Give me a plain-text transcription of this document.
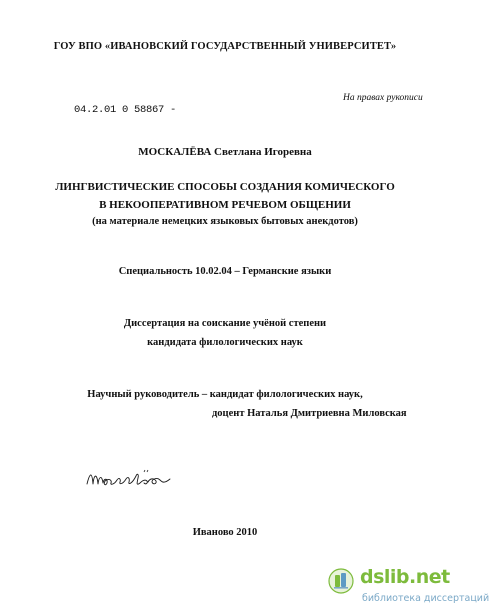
ГОУ ВПО «ИВАНОВСКИЙ ГОСУДАРСТВЕННЫЙ УНИВЕРСИТЕТ»
На правах рукописи
04.2.01 0 58867 -
МОСКАЛЁВА Светлана Игоревна
ЛИНГВИСТИЧЕСКИЕ СПОСОБЫ СОЗДАНИЯ КОМИЧЕСКОГО
В НЕКООПЕРАТИВНОМ РЕЧЕВОМ ОБЩЕНИИ
(на материале немецких языковых бытовых анекдотов)
Специальность 10.02.04 – Германские языки
Диссертация на соискание учёной степени
кандидата филологических наук
Научный руководитель – кандидат филологических наук,
доцент Наталья Дмитриевна Миловская
Иваново 2010
dslib.net
библиотека диссертаций
